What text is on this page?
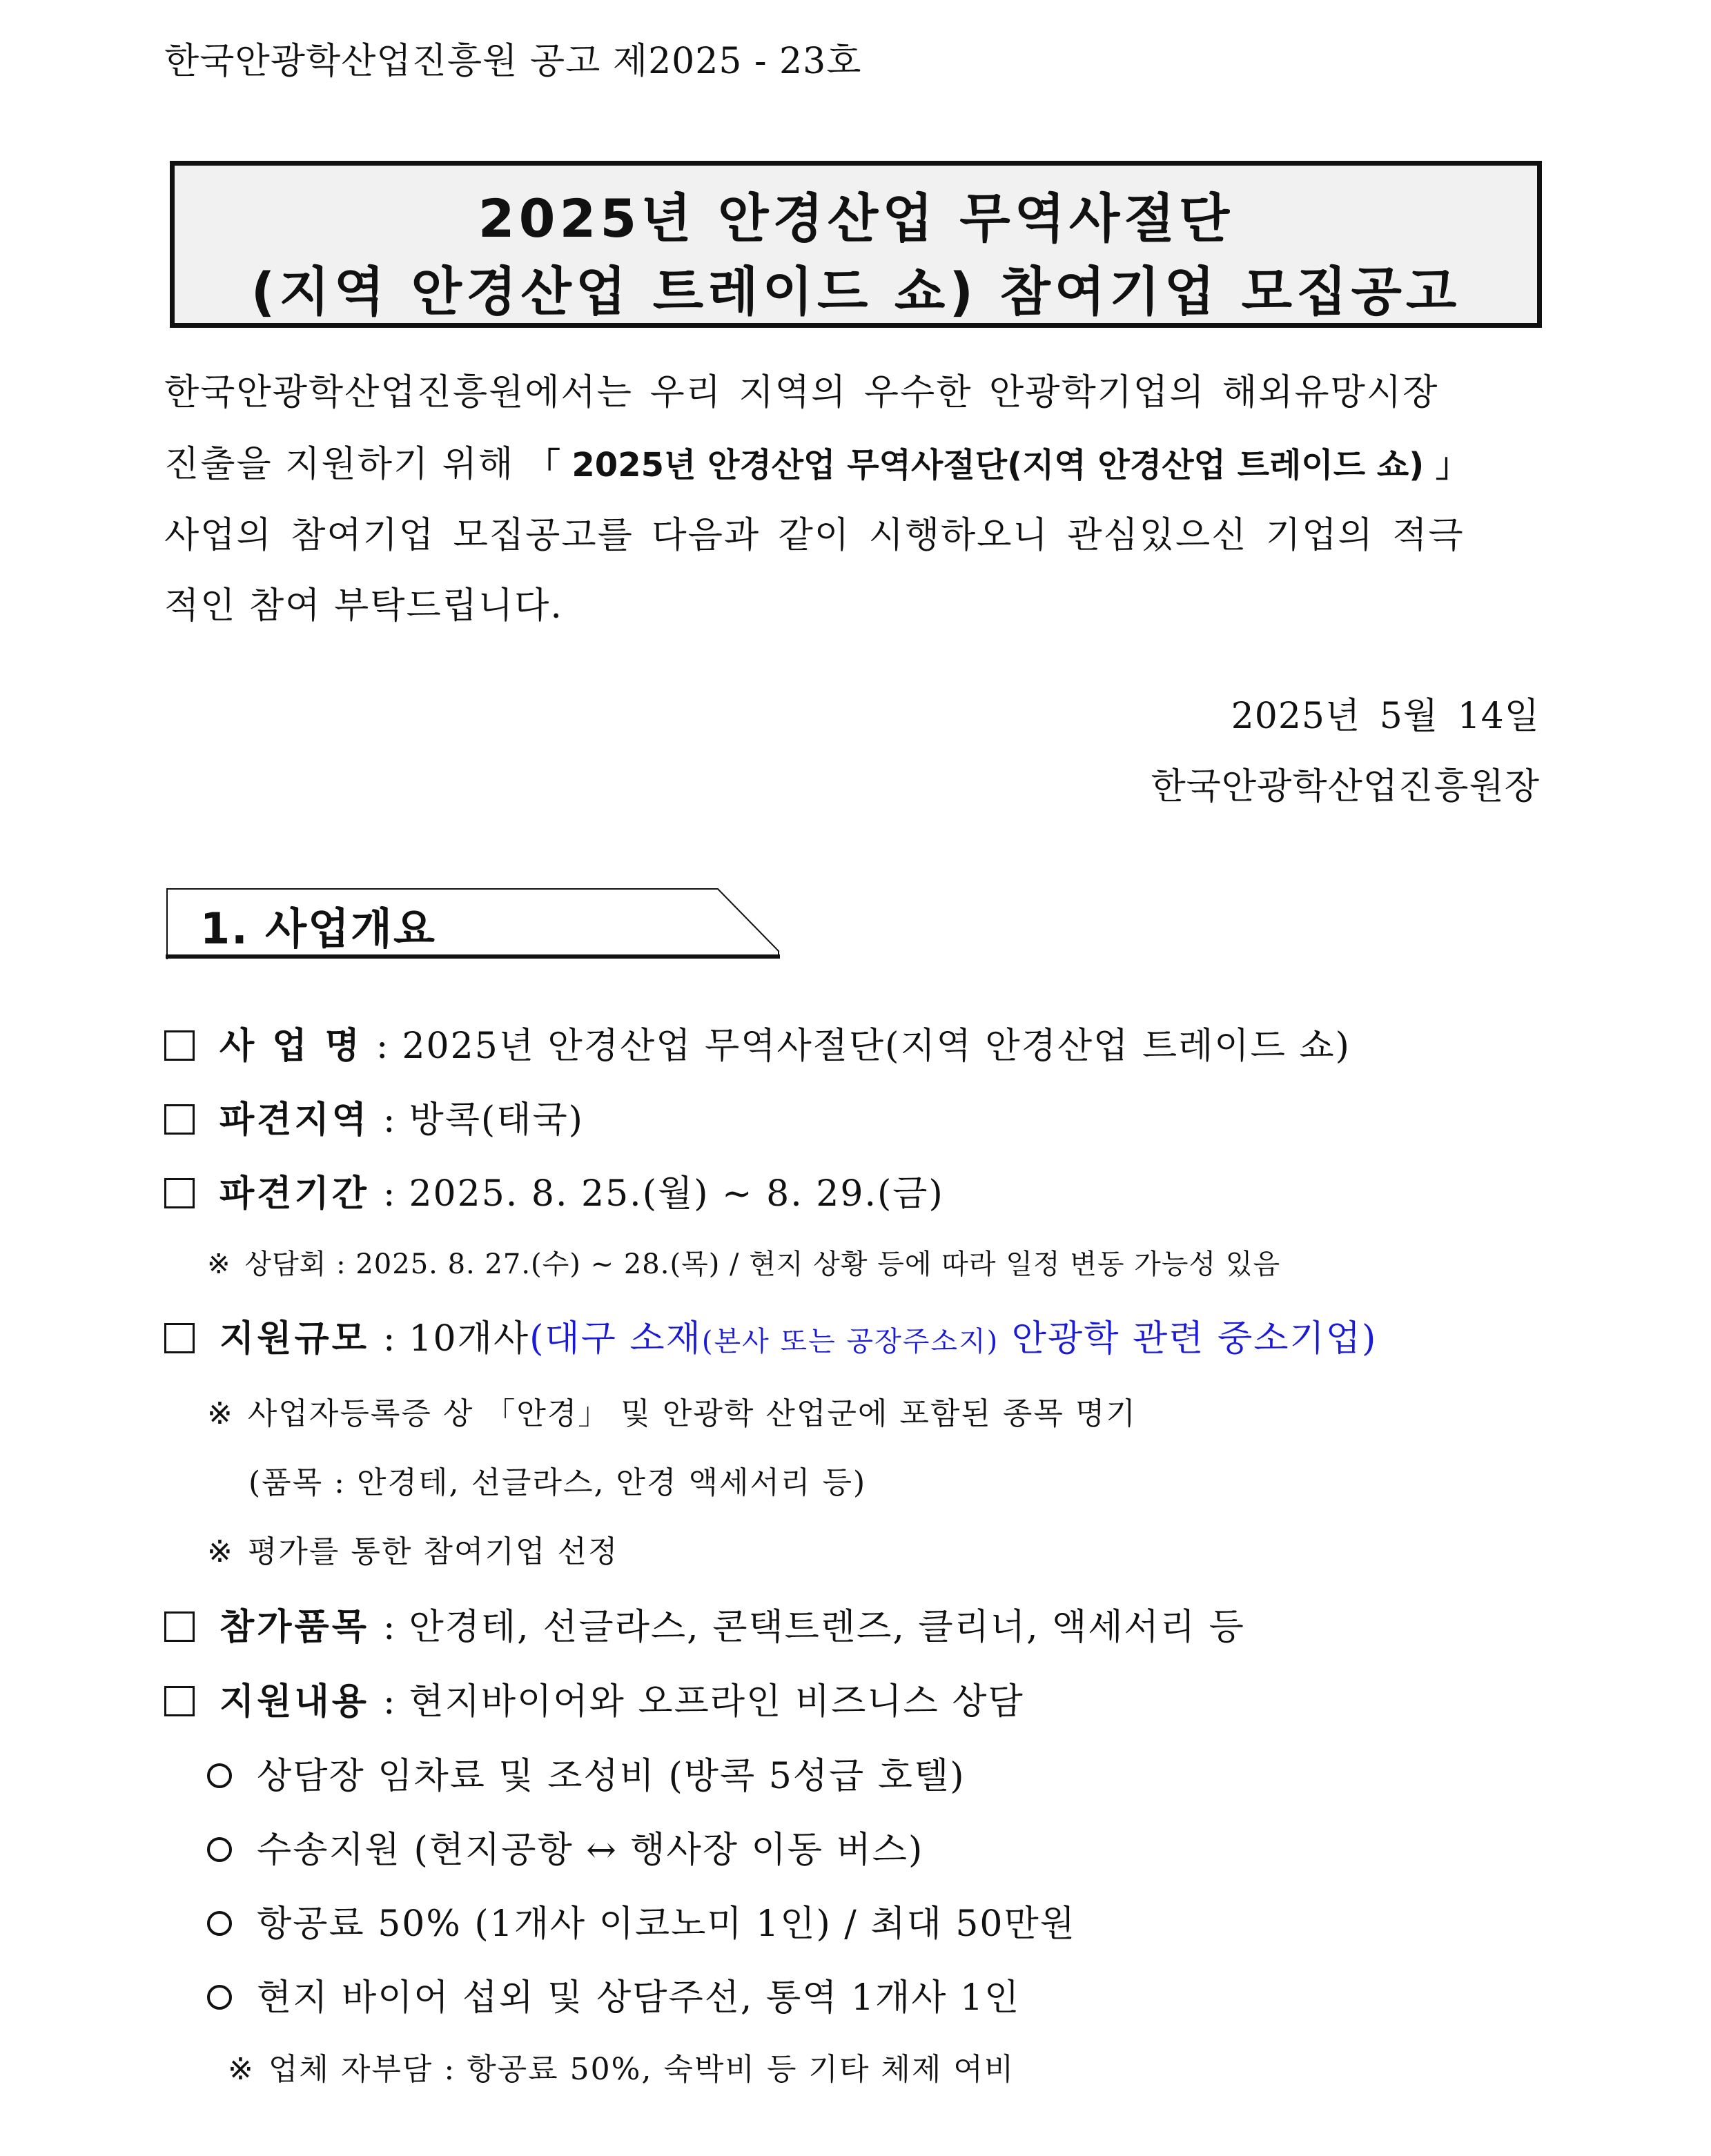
한국안광학산업진흥원 공고 제2025 - 23호
2025년 안경산업 무역사절단
(지역 안경산업 트레이드 쇼) 참여기업 모집공고
한국안광학산업진흥원에서는 우리 지역의 우수한 안광학기업의 해외유망시장
진출을 지원하기 위해 「 2025년 안경산업 무역사절단(지역 안경산업 트레이드 쇼) 」
사업의 참여기업 모집공고를 다음과 같이 시행하오니 관심있으신 기업의 적극
적인 참여 부탁드립니다.
2025년 5월 14일
한국안광학산업진흥원장
1. 사업개요
사 업 명 : 2025년 안경산업 무역사절단(지역 안경산업 트레이드 쇼)
파견지역 : 방콕(태국)
파견기간 : 2025. 8. 25.(월) ~ 8. 29.(금)
※ 상담회 : 2025. 8. 27.(수) ~ 28.(목) / 현지 상황 등에 따라 일정 변동 가능성 있음
지원규모 : 10개사(대구 소재(본사 또는 공장주소지) 안광학 관련 중소기업)
※ 사업자등록증 상 「안경」 및 안광학 산업군에 포함된 종목 명기
(품목 : 안경테, 선글라스, 안경 액세서리 등)
※ 평가를 통한 참여기업 선정
참가품목 : 안경테, 선글라스, 콘택트렌즈, 클리너, 액세서리 등
지원내용 : 현지바이어와 오프라인 비즈니스 상담
상담장 임차료 및 조성비 (방콕 5성급 호텔)
수송지원 (현지공항 ↔ 행사장 이동 버스)
항공료 50% (1개사 이코노미 1인) / 최대 50만원
현지 바이어 섭외 및 상담주선, 통역 1개사 1인
※ 업체 자부담 : 항공료 50%, 숙박비 등 기타 체제 여비
